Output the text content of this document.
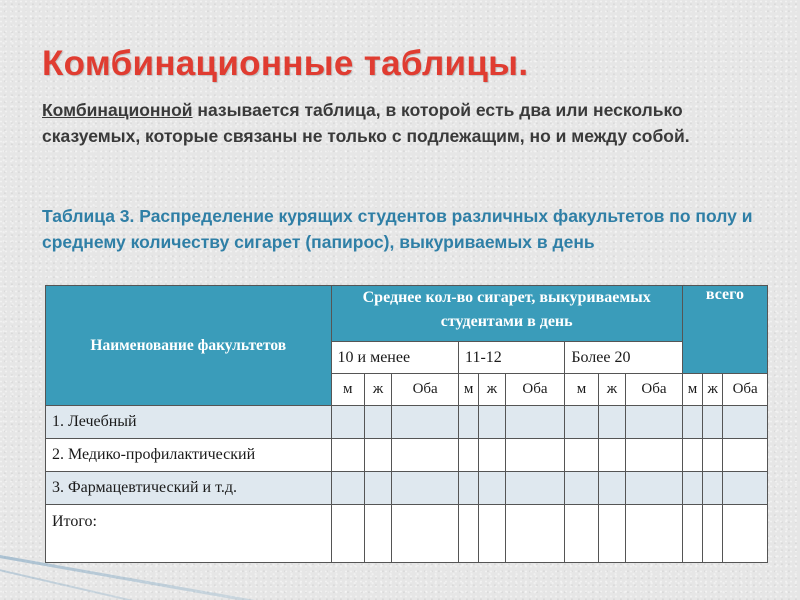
Комбинационные таблицы.

Комбинационной называется таблица, в которой есть два или несколько сказуемых, которые связаны не только с подлежащим, но и между собой.

Таблица 3. Распределение курящих студентов различных факультетов по полу и среднему количеству сигарет (папирос), выкуриваемых в день

Наименование факультетов	Среднее кол-во сигарет, выкуриваемых студентами в день									всего		
	10 и менее			11-12			Более 20					
	м	ж	Оба	м	ж	Оба	м	ж	Оба	м	ж	Оба
1. Лечебный												
2. Медико-профилактический												
3. Фармацевтический и т.д.												
Итого:												
